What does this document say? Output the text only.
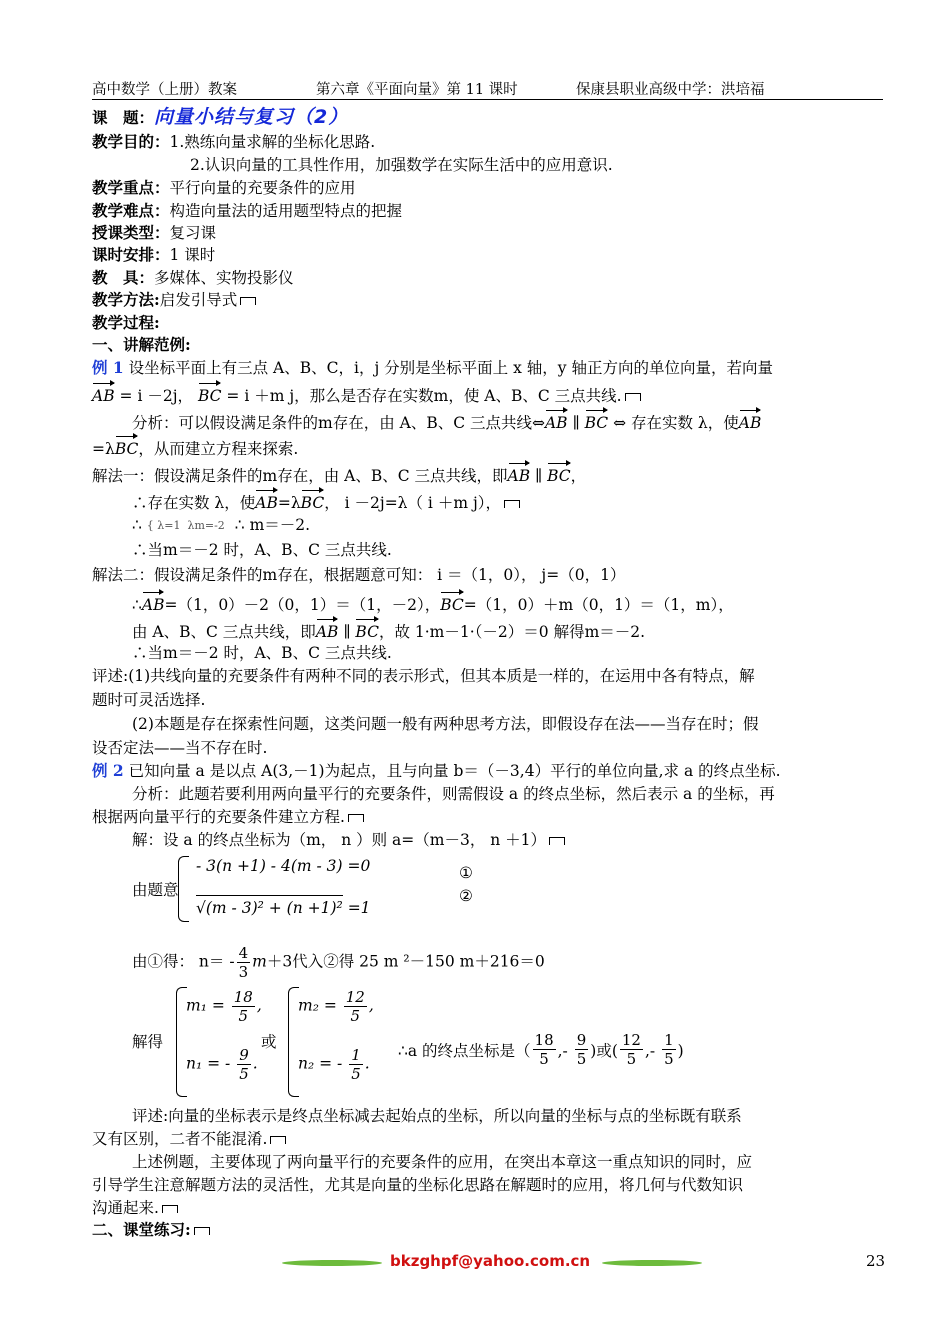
高中数学（上册）教案	第六章《平面向量》第 11 课时	保康县职业高级中学：洪培福
课　题：向量小结与复习（2）
教学目的：1.熟练向量求解的坐标化思路.
2.认识向量的工具性作用，加强数学在实际生活中的应用意识.
教学重点：平行向量的充要条件的应用
教学难点：构造向量法的适用题型特点的把握
授课类型：复习课
课时安排：1 课时
教　具：多媒体、实物投影仪
教学方法:启发引导式
教学过程:
一、讲解范例:
例 1 设坐标平面上有三点 A、B、C，i，j 分别是坐标平面上 x 轴，y 轴正方向的单位向量，若向量
AB = i －2j， BC = i ＋m j，那么是否存在实数m，使 A、B、C 三点共线.
分析：可以假设满足条件的m存在，由 A、B、C 三点共线⇔AB ∥ BC ⇔ 存在实数 λ，使AB
=λBC，从而建立方程来探索.
解法一：假设满足条件的m存在，由 A、B、C 三点共线，即AB ∥ BC，
∴存在实数 λ，使AB=λBC， i －2j=λ（ i ＋m j），
∴ { λ=1  λm=-2 ∴ m＝－2.
∴当m＝－2 时，A、B、C 三点共线.
解法二：假设满足条件的m存在，根据题意可知： i ＝（1，0）， j=（0，1）
∴AB=（1，0）－2（0，1）＝（1，－2），BC=（1，0）＋m（0，1）＝（1，m），
由 A、B、C 三点共线，即AB ∥ BC，故 1·m－1·（－2）＝0 解得m＝－2.
∴当m＝－2 时，A、B、C 三点共线.
评述:(1)共线向量的充要条件有两种不同的表示形式，但其本质是一样的，在运用中各有特点，解
题时可灵活选择.
(2)本题是存在探索性问题，这类问题一般有两种思考方法，即假设存在法——当存在时；假
设否定法——当不存在时.
例 2 已知向量 a 是以点 A(3,－1)为起点，且与向量 b＝（－3,4）平行的单位向量,求 a 的终点坐标.
分析：此题若要利用两向量平行的充要条件，则需假设 a 的终点坐标，然后表示 a 的坐标，再
根据两向量平行的充要条件建立方程.
解：设 a 的终点坐标为（m， n ）则 a=（m－3， n ＋1）
由题意
- 3(n +1) - 4(m - 3) =0
√(m - 3)² + (n +1)² =1
①
②
由①得： $n= - \frac{4}{3} m+3$代入②得 25 m ²－150 m＋216＝0
解得
$m_1 = \frac{18}{5}$ ,
n₁ = - $\frac{9}{5}$ .
或
$m_2 = \frac{12}{5}$ ,
n₂ = - $\frac{1}{5}$ .
∴a 的终点坐标是（ $\frac{18}{5}$ ,- $\frac{9}{5}$ )或( $\frac{12}{5}$ ,- $\frac{1}{5}$ )
评述:向量的坐标表示是终点坐标减去起始点的坐标，所以向量的坐标与点的坐标既有联系
又有区别，二者不能混淆.
上述例题，主要体现了两向量平行的充要条件的应用，在突出本章这一重点知识的同时，应
引导学生注意解题方法的灵活性，尤其是向量的坐标化思路在解题时的应用，将几何与代数知识
沟通起来.
二、课堂练习:
bkzghpf@yahoo.com.cn	23
